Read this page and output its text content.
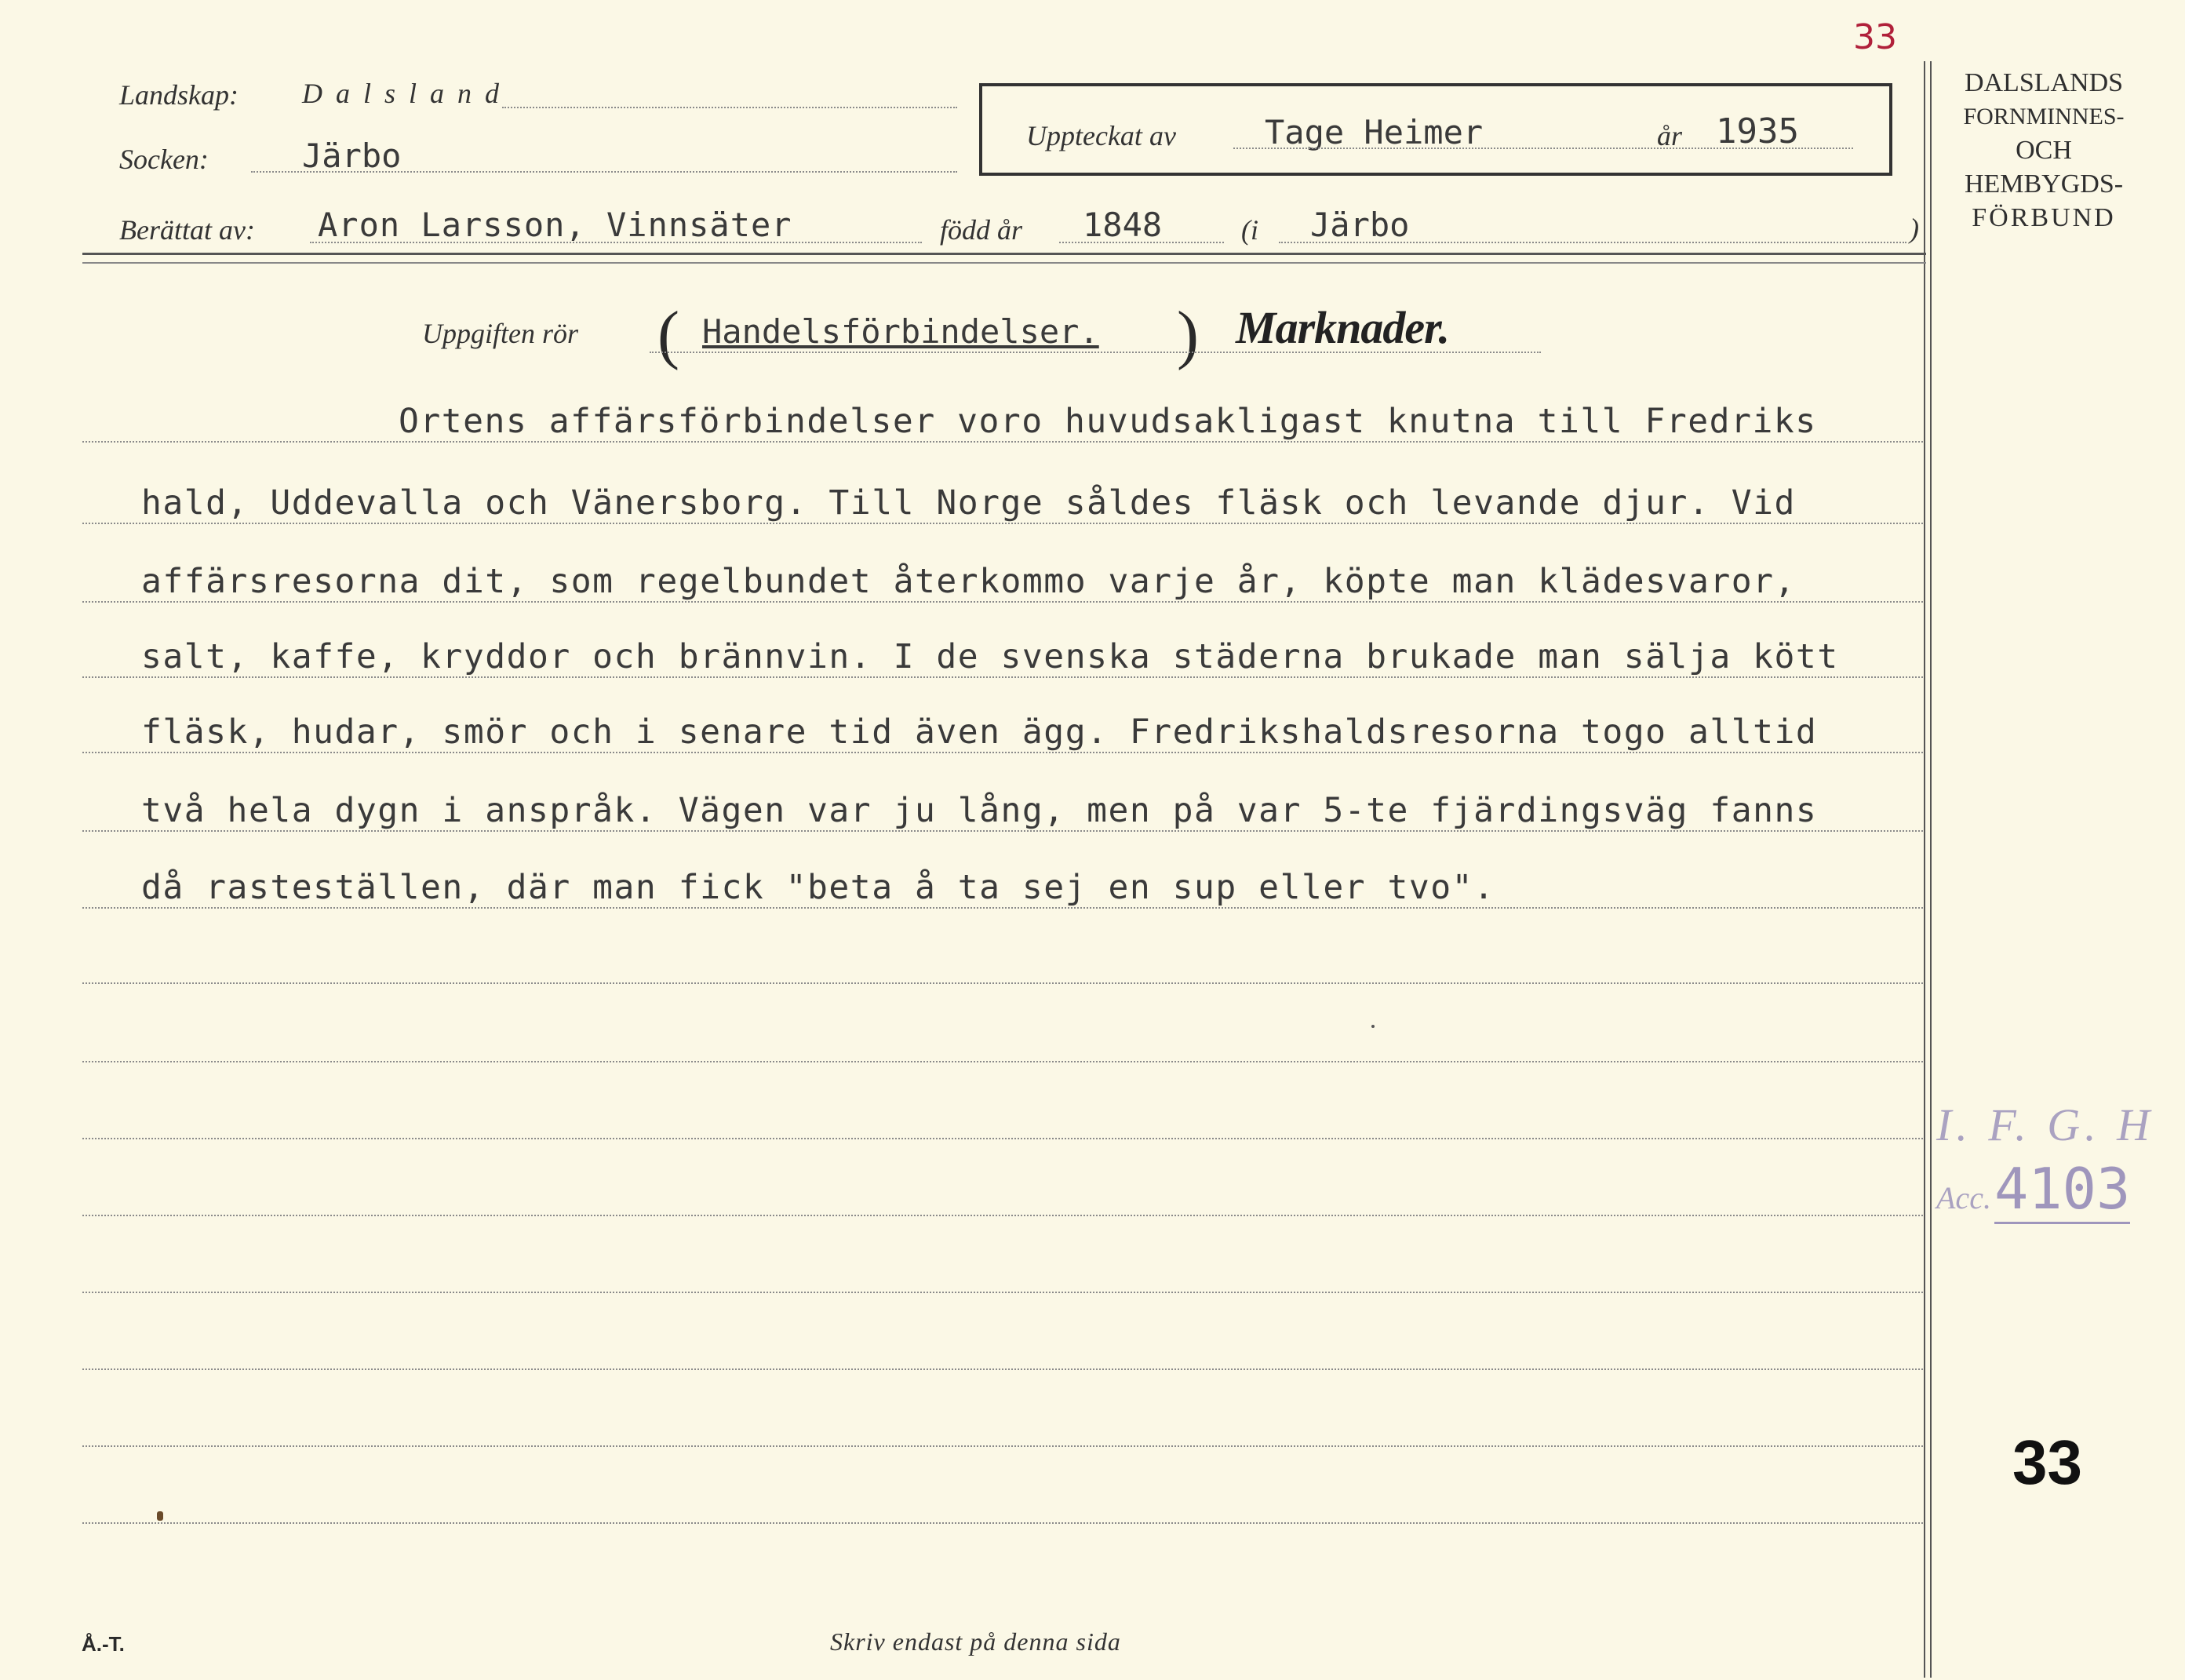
33
DALSLANDS
FORNMINNES-
OCH
HEMBYGDS-
FÖRBUND
Landskap: D a l s l a n d
Socken:	Järbo
Uppteckat av	Tage Heimer	år 1935
Berättat av: Aron Larsson, Vinnsäter	född år 1848	(i Järbo	)
Uppgiften rör ( Handelsförbindelser. ) Marknader.
Ortens affärsförbindelser voro huvudsakligast knutna till Fredriks
hald, Uddevalla och Vänersborg. Till Norge såldes fläsk och levande djur. Vid
affärsresorna dit, som regelbundet återkommo varje år, köpte man klädesvaror,
salt, kaffe, kryddor och brännvin. I de svenska städerna brukade man sälja kött
fläsk, hudar, smör och i senare tid även ägg. Fredrikshaldsresorna togo alltid
två hela dygn i anspråk. Vägen var ju lång, men på var 5-te fjärdingsväg fanns
då rasteställen, där man fick "beta å ta sej en sup eller tvo".
I. F. G. H
Acc. 4103
33
Å.-T.	Skriv endast på denna sida
